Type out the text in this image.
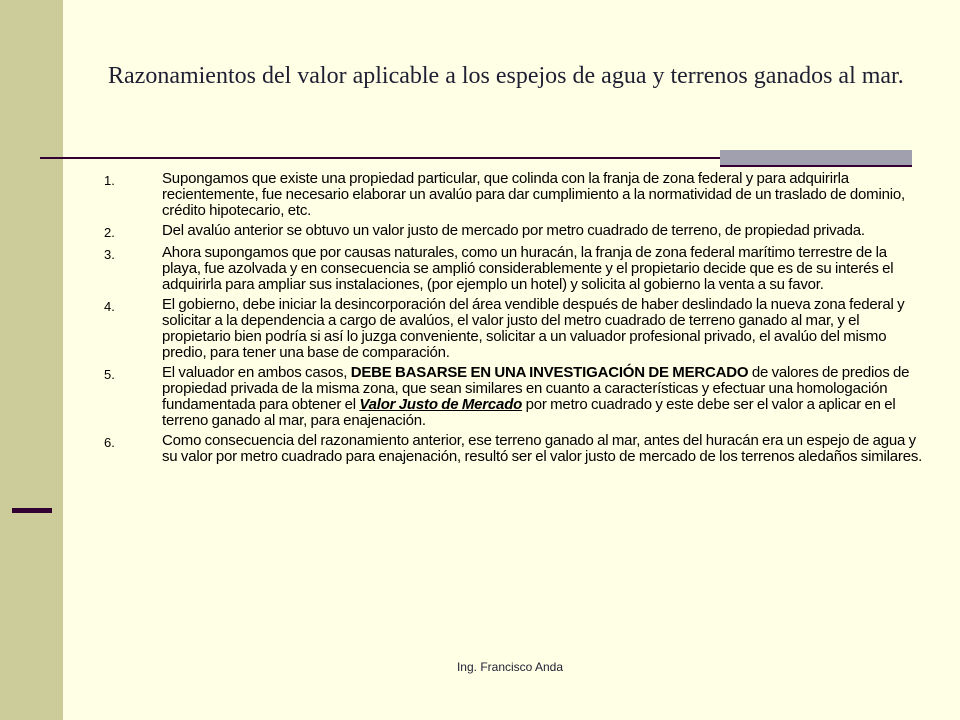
Razonamientos del valor aplicable a los espejos de agua y terrenos ganados al mar.
1.	Supongamos que existe una propiedad particular, que colinda con la franja de zona federal y para adquirirla recientemente, fue necesario elaborar un avalúo para dar cumplimiento a la normatividad de un traslado de dominio, crédito hipotecario, etc.
2.	Del avalúo anterior se obtuvo un valor justo de mercado por metro cuadrado de terreno, de propiedad privada.
3.	Ahora supongamos que por causas naturales, como un huracán, la franja de zona federal marítimo terrestre de la playa, fue azolvada y en consecuencia se amplió considerablemente y el propietario decide que es de su interés el adquirirla para ampliar sus instalaciones, (por ejemplo un hotel) y solicita al gobierno la venta a su favor.
4.	El gobierno, debe iniciar la desincorporación del área vendible después de haber deslindado la nueva zona federal y solicitar a la dependencia a cargo de avalúos, el valor justo del metro cuadrado de terreno ganado al mar, y el propietario bien podría si así lo juzga conveniente, solicitar a un valuador profesional privado, el avalúo del mismo predio, para tener una base de comparación.
5.	El valuador en ambos casos, DEBE BASARSE EN UNA INVESTIGACIÓN DE MERCADO de valores de predios de propiedad privada de la misma zona, que sean similares en cuanto a características y efectuar una homologación fundamentada para obtener el Valor Justo de Mercado por metro cuadrado y este debe ser el valor a aplicar en el terreno ganado al mar, para enajenación.
6.	Como consecuencia del razonamiento anterior, ese terreno ganado al mar, antes del huracán era un espejo de agua y su valor por metro cuadrado para enajenación, resultó ser el valor justo de mercado de los terrenos aledaños similares.
Ing. Francisco Anda
